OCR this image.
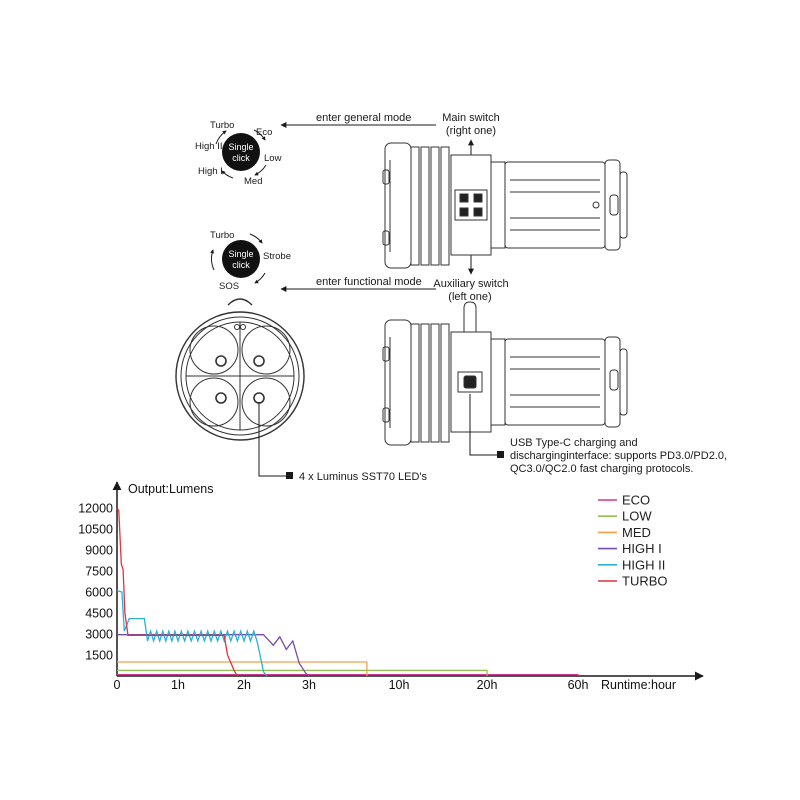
Single
click
Turbo
Eco
Low
Med
High I
High II
Single
click
Turbo
Strobe
SOS
enter general mode
enter functional mode
Main switch
(right one)
Auxiliary switch
(left one)
USB Type-C charging and
discharginginterface: supports PD3.0/PD2.0,
QC3.0/QC2.0 fast charging protocols.
4 x Luminus SST70 LED's
Output:Lumens
Runtime:hour
12000
10500
9000
7500
6000
4500
3000
1500
0	1h	2h	3h	10h	20h	60h
ECO
LOW
MED
HIGH I
HIGH II
TURBO
